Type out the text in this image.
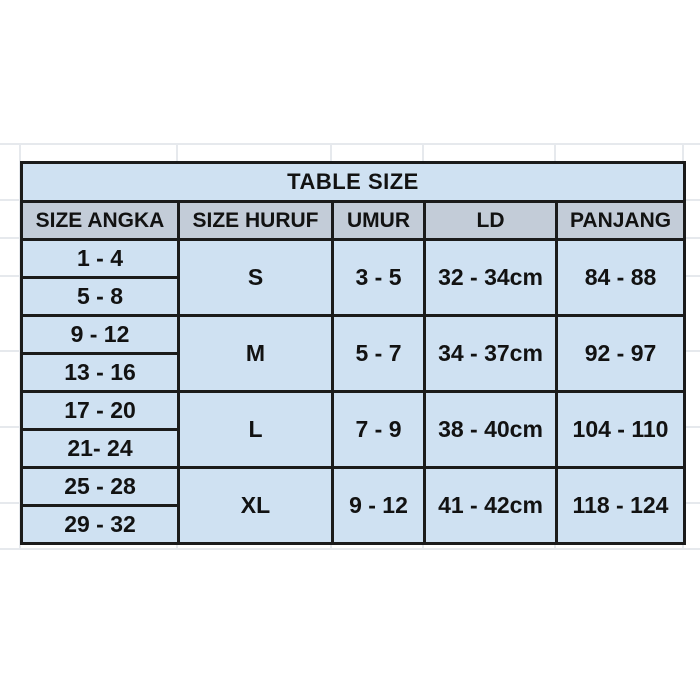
TABLE SIZE				
SIZE ANGKA	SIZE HURUF	UMUR	LD	PANJANG
1 - 4	S	3 - 5	32 - 34cm	84 - 88
5 - 8				
9 - 12	M	5 - 7	34 - 37cm	92 - 97
13 - 16				
17 - 20	L	7 - 9	38 - 40cm	104 - 110
21- 24				
25 - 28	XL	9 - 12	41 - 42cm	118 - 124
29 - 32				
